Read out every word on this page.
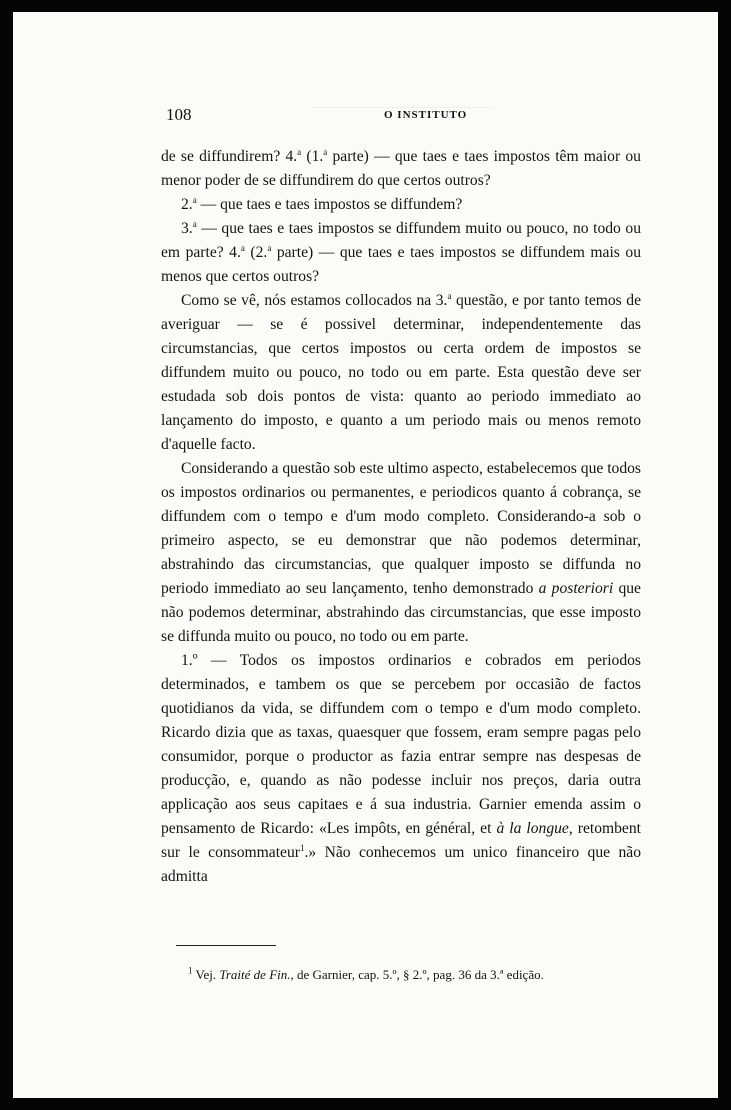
108	O INSTITUTO

de se diffundirem? 4.$^a$ (1.$^a$ parte) — que taes e taes impostos têm maior ou menor poder de se diffundirem do que certos outros?

2.$^a$ — que taes e taes impostos se diffundem?

3.$^a$ — que taes e taes impostos se diffundem muito ou pouco, no todo ou em parte? 4.$^a$ (2.$^a$ parte) — que taes e taes impostos se diffundem mais ou menos que certos outros?

Como se vê, nós estamos collocados na 3.$^a$ questão, e por tanto temos de averiguar — se é possivel determinar, independentemente das circumstancias, que certos impostos ou certa ordem de impostos se diffundem muito ou pouco, no todo ou em parte. Esta questão deve ser estudada sob dois pontos de vista: quanto ao periodo immediato ao lançamento do imposto, e quanto a um periodo mais ou menos remoto d'aquelle facto.

Considerando a questão sob este ultimo aspecto, estabelecemos que todos os impostos ordinarios ou permanentes, e periodicos quanto á cobrança, se diffundem com o tempo e d'um modo completo. Considerando-a sob o primeiro aspecto, se eu demonstrar que não podemos determinar, abstrahindo das circumstancias, que qualquer imposto se diffunda no periodo immediato ao seu lançamento, tenho demonstrado a posteriori que não podemos determinar, abstrahindo das circumstancias, que esse imposto se diffunda muito ou pouco, no todo ou em parte.

1.º — Todos os impostos ordinarios e cobrados em periodos determinados, e tambem os que se percebem por occasião de factos quotidianos da vida, se diffundem com o tempo e d'um modo completo. Ricardo dizia que as taxas, quaesquer que fossem, eram sempre pagas pelo consumidor, porque o productor as fazia entrar sempre nas despesas de producção, e, quando as não podesse incluir nos preços, daria outra applicação aos seus capitaes e á sua industria. Garnier emenda assim o pensamento de Ricardo: «Les impôts, en général, et à la longue, retombent sur le consommateur$^1$.» Não conhecemos um unico financeiro que não admitta

$^1$ Vej. Traité de Fin., de Garnier, cap. 5.º, § 2.º, pag. 36 da 3.ª edição.
